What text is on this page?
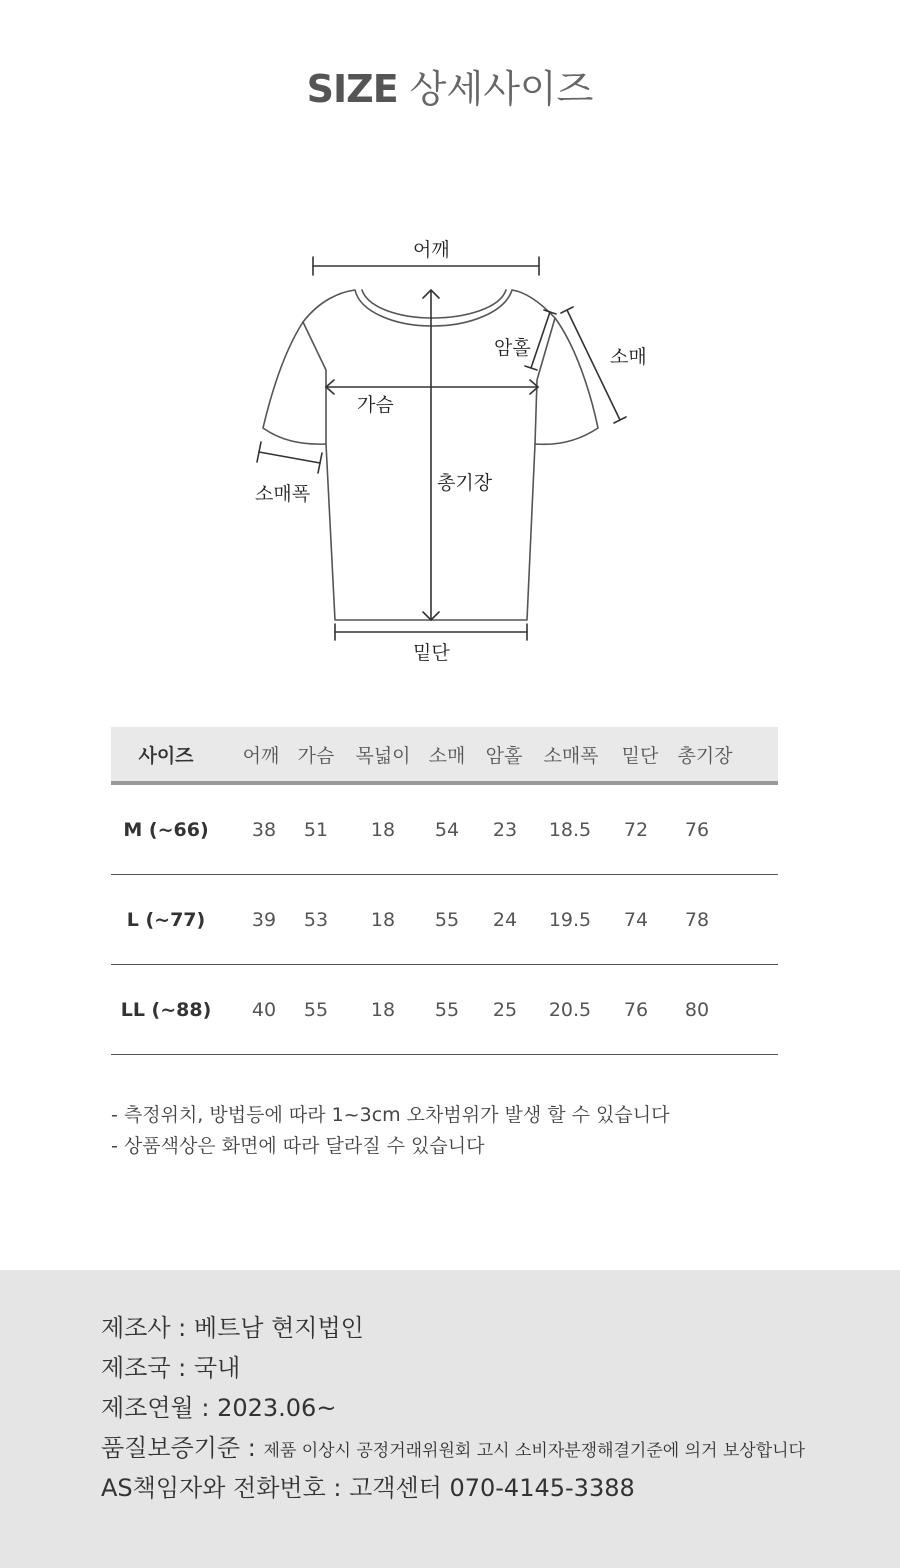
SIZE 상세사이즈
어깨
암홀	소매
가슴
소매폭	총기장
밑단
사이즈	어깨 가슴 목넓이 소매 암홀 소매폭 밑단 총기장
M (~66)	38	51	18	54	23	18.5	72	76
L (~77)	39	53	18	55	24	19.5	74	78
LL (~88)	40	55	18	55	25	20.5	76	80
- 측정위치, 방법등에 따라 1~3cm 오차범위가 발생 할 수 있습니다
- 상품색상은 화면에 따라 달라질 수 있습니다
제조사 : 베트남 현지법인
제조국 : 국내
제조연월 : 2023.06~
품질보증기준 : 제품 이상시 공정거래위원회 고시 소비자분쟁해결기준에 의거 보상합니다
AS책임자와 전화번호 : 고객센터 070-4145-3388
